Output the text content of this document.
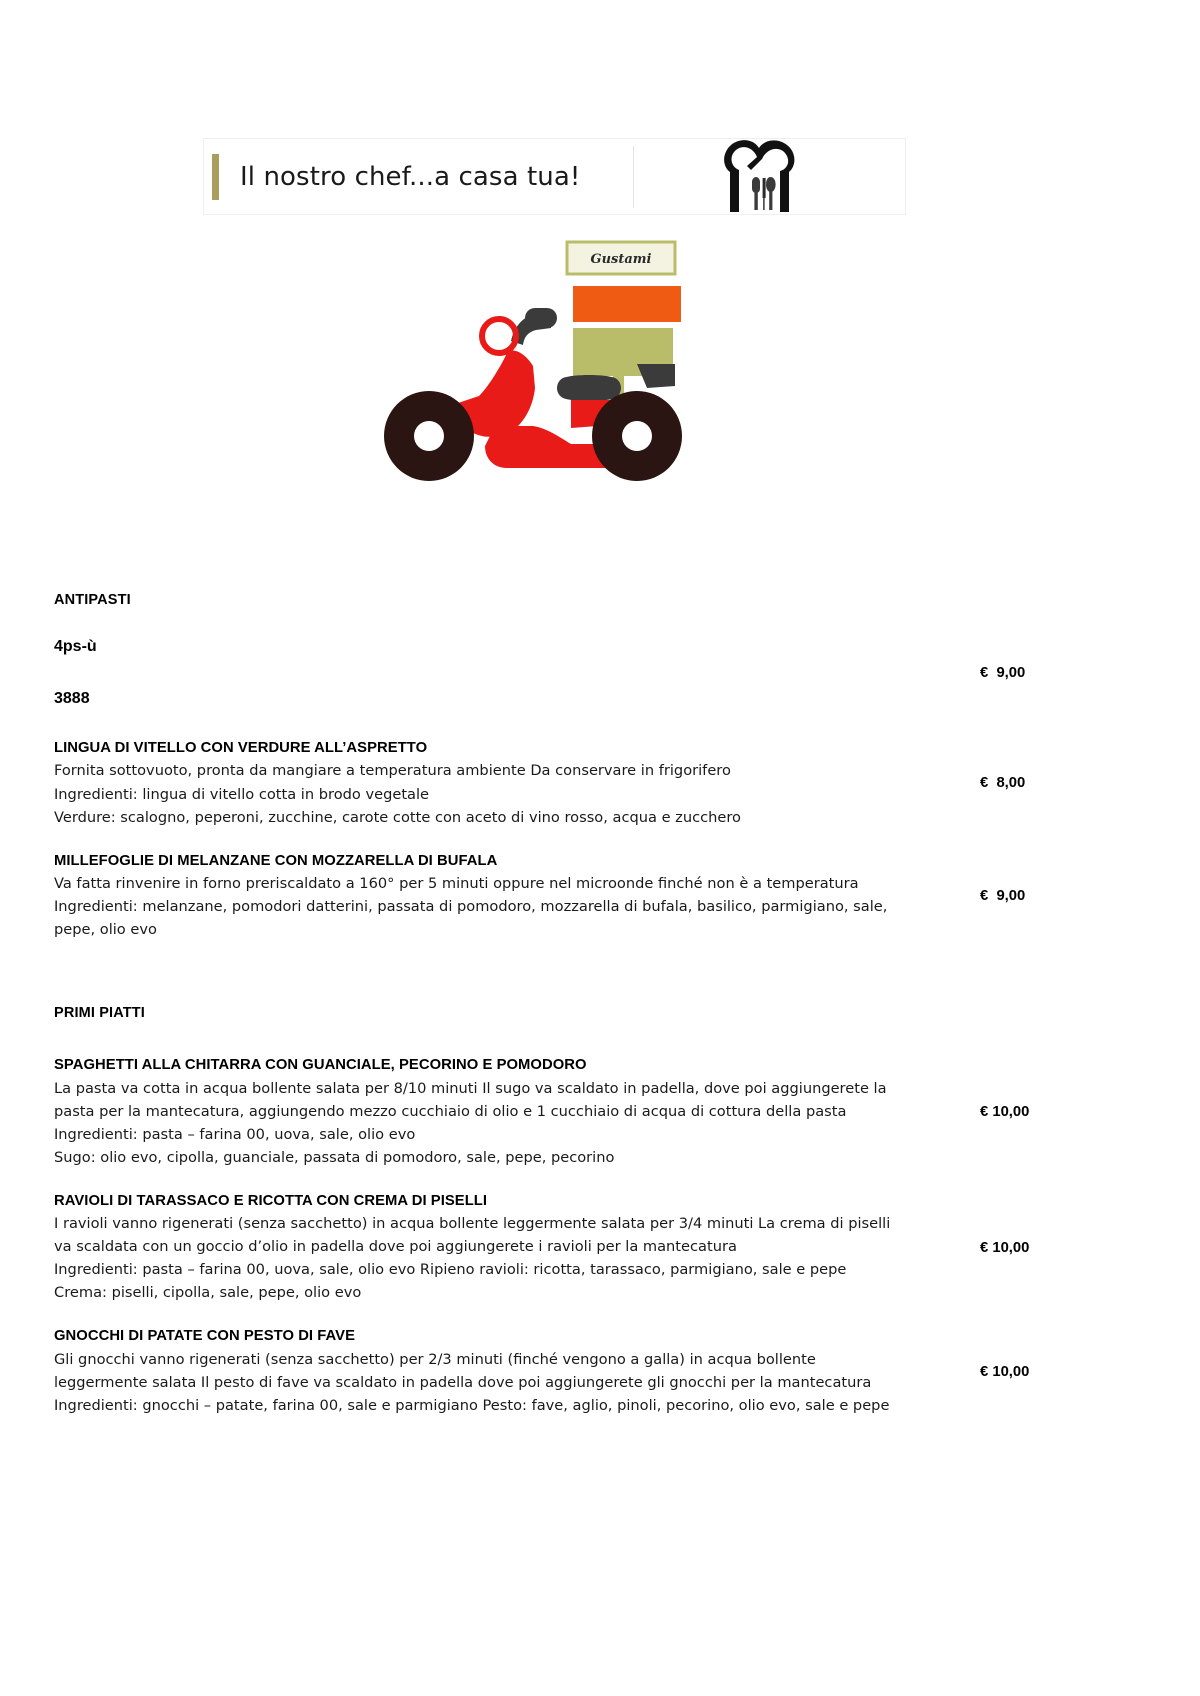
Il nostro chef...a casa tua!
Gustami
ANTIPASTI
4ps-ù
3888
€  9,00
LINGUA DI VITELLO CON VERDURE ALL’ASPRETTO
Fornita sottovuoto, pronta da mangiare a temperatura ambiente Da conservare in frigorifero
Ingredienti: lingua di vitello cotta in brodo vegetale
Verdure: scalogno, peperoni, zucchine, carote cotte con aceto di vino rosso, acqua e zucchero
€  8,00
MILLEFOGLIE DI MELANZANE CON MOZZARELLA DI BUFALA
Va fatta rinvenire in forno preriscaldato a 160° per 5 minuti oppure nel microonde finché non è a temperatura
Ingredienti: melanzane, pomodori datterini, passata di pomodoro, mozzarella di bufala, basilico, parmigiano, sale,
pepe, olio evo
€  9,00
PRIMI PIATTI
SPAGHETTI ALLA CHITARRA CON GUANCIALE, PECORINO E POMODORO
La pasta va cotta in acqua bollente salata per 8/10 minuti Il sugo va scaldato in padella, dove poi aggiungerete la
pasta per la mantecatura, aggiungendo mezzo cucchiaio di olio e 1 cucchiaio di acqua di cottura della pasta
Ingredienti: pasta – farina 00, uova, sale, olio evo
Sugo: olio evo, cipolla, guanciale, passata di pomodoro, sale, pepe, pecorino
€ 10,00
RAVIOLI DI TARASSACO E RICOTTA CON CREMA DI PISELLI
I ravioli vanno rigenerati (senza sacchetto) in acqua bollente leggermente salata per 3/4 minuti La crema di piselli
va scaldata con un goccio d’olio in padella dove poi aggiungerete i ravioli per la mantecatura
Ingredienti: pasta – farina 00, uova, sale, olio evo Ripieno ravioli: ricotta, tarassaco, parmigiano, sale e pepe
Crema: piselli, cipolla, sale, pepe, olio evo
€ 10,00
GNOCCHI DI PATATE CON PESTO DI FAVE
Gli gnocchi vanno rigenerati (senza sacchetto) per 2/3 minuti (finché vengono a galla) in acqua bollente
leggermente salata Il pesto di fave va scaldato in padella dove poi aggiungerete gli gnocchi per la mantecatura
Ingredienti: gnocchi – patate, farina 00, sale e parmigiano Pesto: fave, aglio, pinoli, pecorino, olio evo, sale e pepe
€ 10,00
